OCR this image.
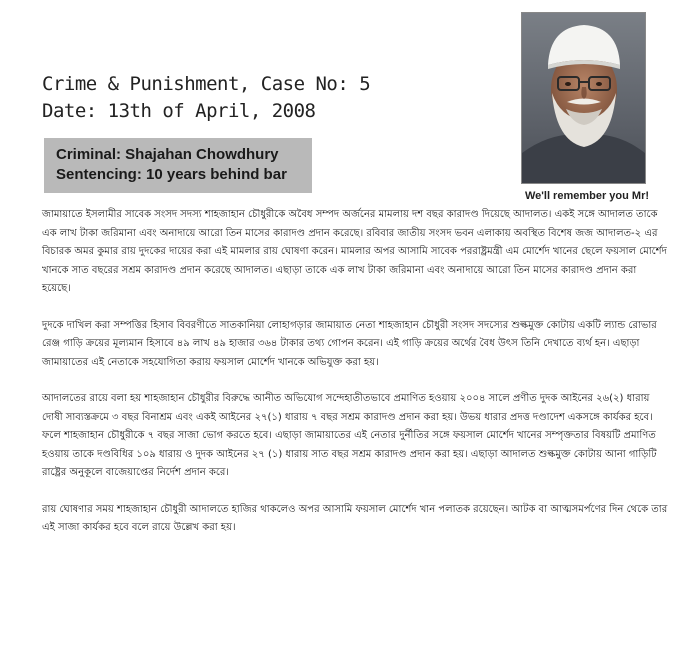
Crime & Punishment, Case No: 5
Date: 13th of April, 2008
Criminal: Shajahan Chowdhury
Sentencing: 10 years behind bar
We'll remember you Mr!

জামায়াতে ইসলামীর সাবেক সংসদ সদস্য শাহজাহান চৌধুরীকে অবৈধ সম্পদ অর্জনের মামলায় দশ বছর কারাদণ্ড দিয়েছে আদালত। একই সঙ্গে আদালত তাকে এক লাখ টাকা জরিমানা এবং অনাদায়ে আরো তিন মাসের কারাদণ্ড প্রদান করেছে। রবিবার জাতীয় সংসদ ভবন এলাকায় অবস্থিত বিশেষ জজ আদালত-২ এর বিচারক অমর কুমার রায় দুদকের দায়ের করা এই মামলার রায় ঘোষণা করেন। মামলার অপর আসামি সাবেক পররাষ্ট্রমন্ত্রী এম মোর্শেদ খানের ছেলে ফয়সাল মোর্শেদ খানকে সাত বছরের সশ্রম কারাদণ্ড প্রদান করেছে আদালত। এছাড়া তাকে এক লাখ টাকা জরিমানা এবং অনাদায়ে আরো তিন মাসের কারাদণ্ড প্রদান করা হয়েছে।

দুদকে দাখিল করা সম্পত্তির হিসাব বিবরণীতে সাতকানিয়া লোহাগড়ার জামায়াত নেতা শাহজাহান চৌধুরী সংসদ সদস্যের শুল্কমুক্ত কোটায় একটি ল্যান্ড রোভার রেঞ্জ গাড়ি ক্রয়ের মূল্যমান হিসাবে ৪৯ লাখ ৪৯ হাজার ৩৬৪ টাকার তথ্য গোপন করেন। এই গাড়ি ক্রয়ের অর্থের বৈধ উৎস তিনি দেখাতে ব্যর্থ হন। এছাড়া জামায়াতের এই নেতাকে সহযোগিতা করায় ফয়সাল মোর্শেদ খানকে অভিযুক্ত করা হয়।

আদালতের রায়ে বলা হয় শাহজাহান চৌধুরীর বিরুদ্ধে আনীত অভিযোগ সন্দেহাতীতভাবে প্রমাণিত হওয়ায় ২০০৪ সালে প্রণীত দুদক আইনের ২৬(২) ধারায় দোষী সাব্যস্তক্রমে ৩ বছর বিনাশ্রম এবং একই আইনের ২৭(১) ধারায় ৭ বছর সশ্রম কারাদণ্ড প্রদান করা হয়। উভয় ধারার প্রদত্ত দণ্ডাদেশ একসঙ্গে কার্যকর হবে। ফলে শাহজাহান চৌধুরীকে ৭ বছর সাজা ভোগ করতে হবে। এছাড়া জামায়াতের এই নেতার দুর্নীতির সঙ্গে ফয়সাল মোর্শেদ খানের সম্পৃক্ততার বিষয়টি প্রমাণিত হওয়ায় তাকে দণ্ডবিধির ১০৯ ধারায় ও দুদক আইনের ২৭ (১) ধারায় সাত বছর সশ্রম কারাদণ্ড প্রদান করা হয়। এছাড়া আদালত শুল্কমুক্ত কোটায় আনা গাড়িটি রাষ্ট্রের অনুকূলে বাজেয়াপ্তের নির্দেশ প্রদান করে।

রায় ঘোষণার সময় শাহজাহান চৌধুরী আদালতে হাজির থাকলেও অপর আসামি ফয়সাল মোর্শেদ খান পলাতক রয়েছেন। আটক বা আত্মসমর্পণের দিন থেকে তার এই সাজা কার্যকর হবে বলে রায়ে উল্লেখ করা হয়।
